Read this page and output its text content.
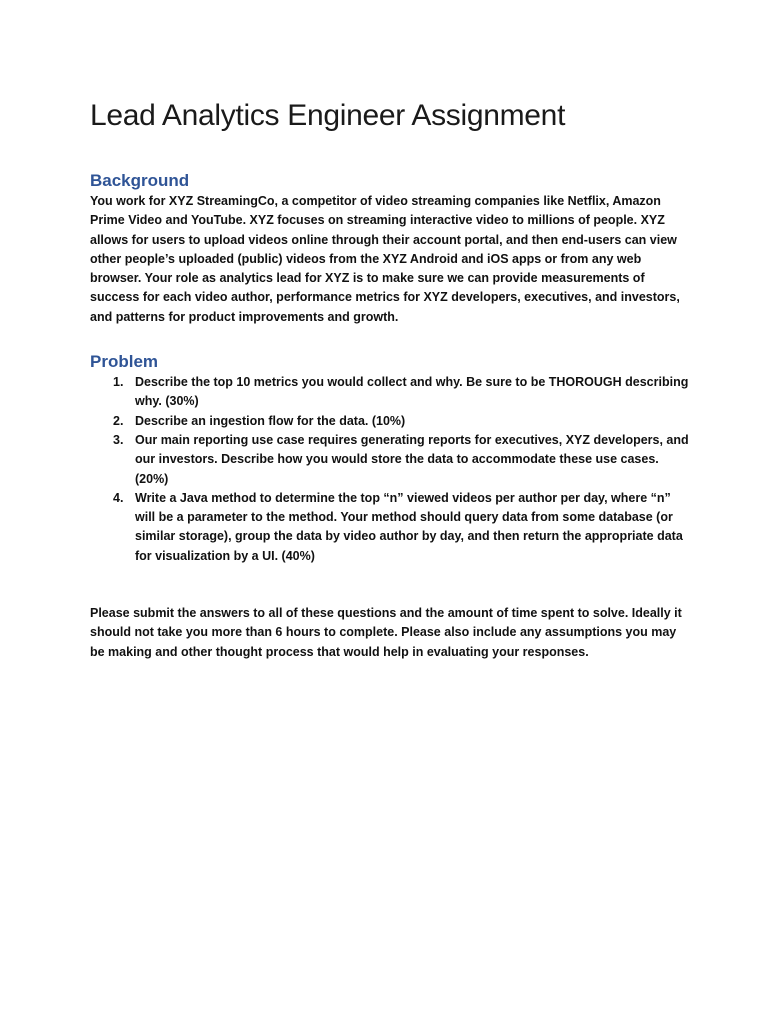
Lead Analytics Engineer Assignment
Background

You work for XYZ StreamingCo, a competitor of video streaming companies like Netflix, Amazon Prime Video and YouTube. XYZ focuses on streaming interactive video to millions of people. XYZ allows for users to upload videos online through their account portal, and then end-users can view other people’s uploaded (public) videos from the XYZ Android and iOS apps or from any web browser. Your role as analytics lead for XYZ is to make sure we can provide measurements of success for each video author, performance metrics for XYZ developers, executives, and investors, and patterns for product improvements and growth.

Problem
1. Describe the top 10 metrics you would collect and why. Be sure to be THOROUGH describing why. (30%)
2. Describe an ingestion flow for the data. (10%)
3. Our main reporting use case requires generating reports for executives, XYZ developers, and our investors. Describe how you would store the data to accommodate these use cases. (20%)
4. Write a Java method to determine the top “n” viewed videos per author per day, where “n” will be a parameter to the method. Your method should query data from some database (or similar storage), group the data by video author by day, and then return the appropriate data for visualization by a UI. (40%)

Please submit the answers to all of these questions and the amount of time spent to solve. Ideally it should not take you more than 6 hours to complete. Please also include any assumptions you may be making and other thought process that would help in evaluating your responses.
